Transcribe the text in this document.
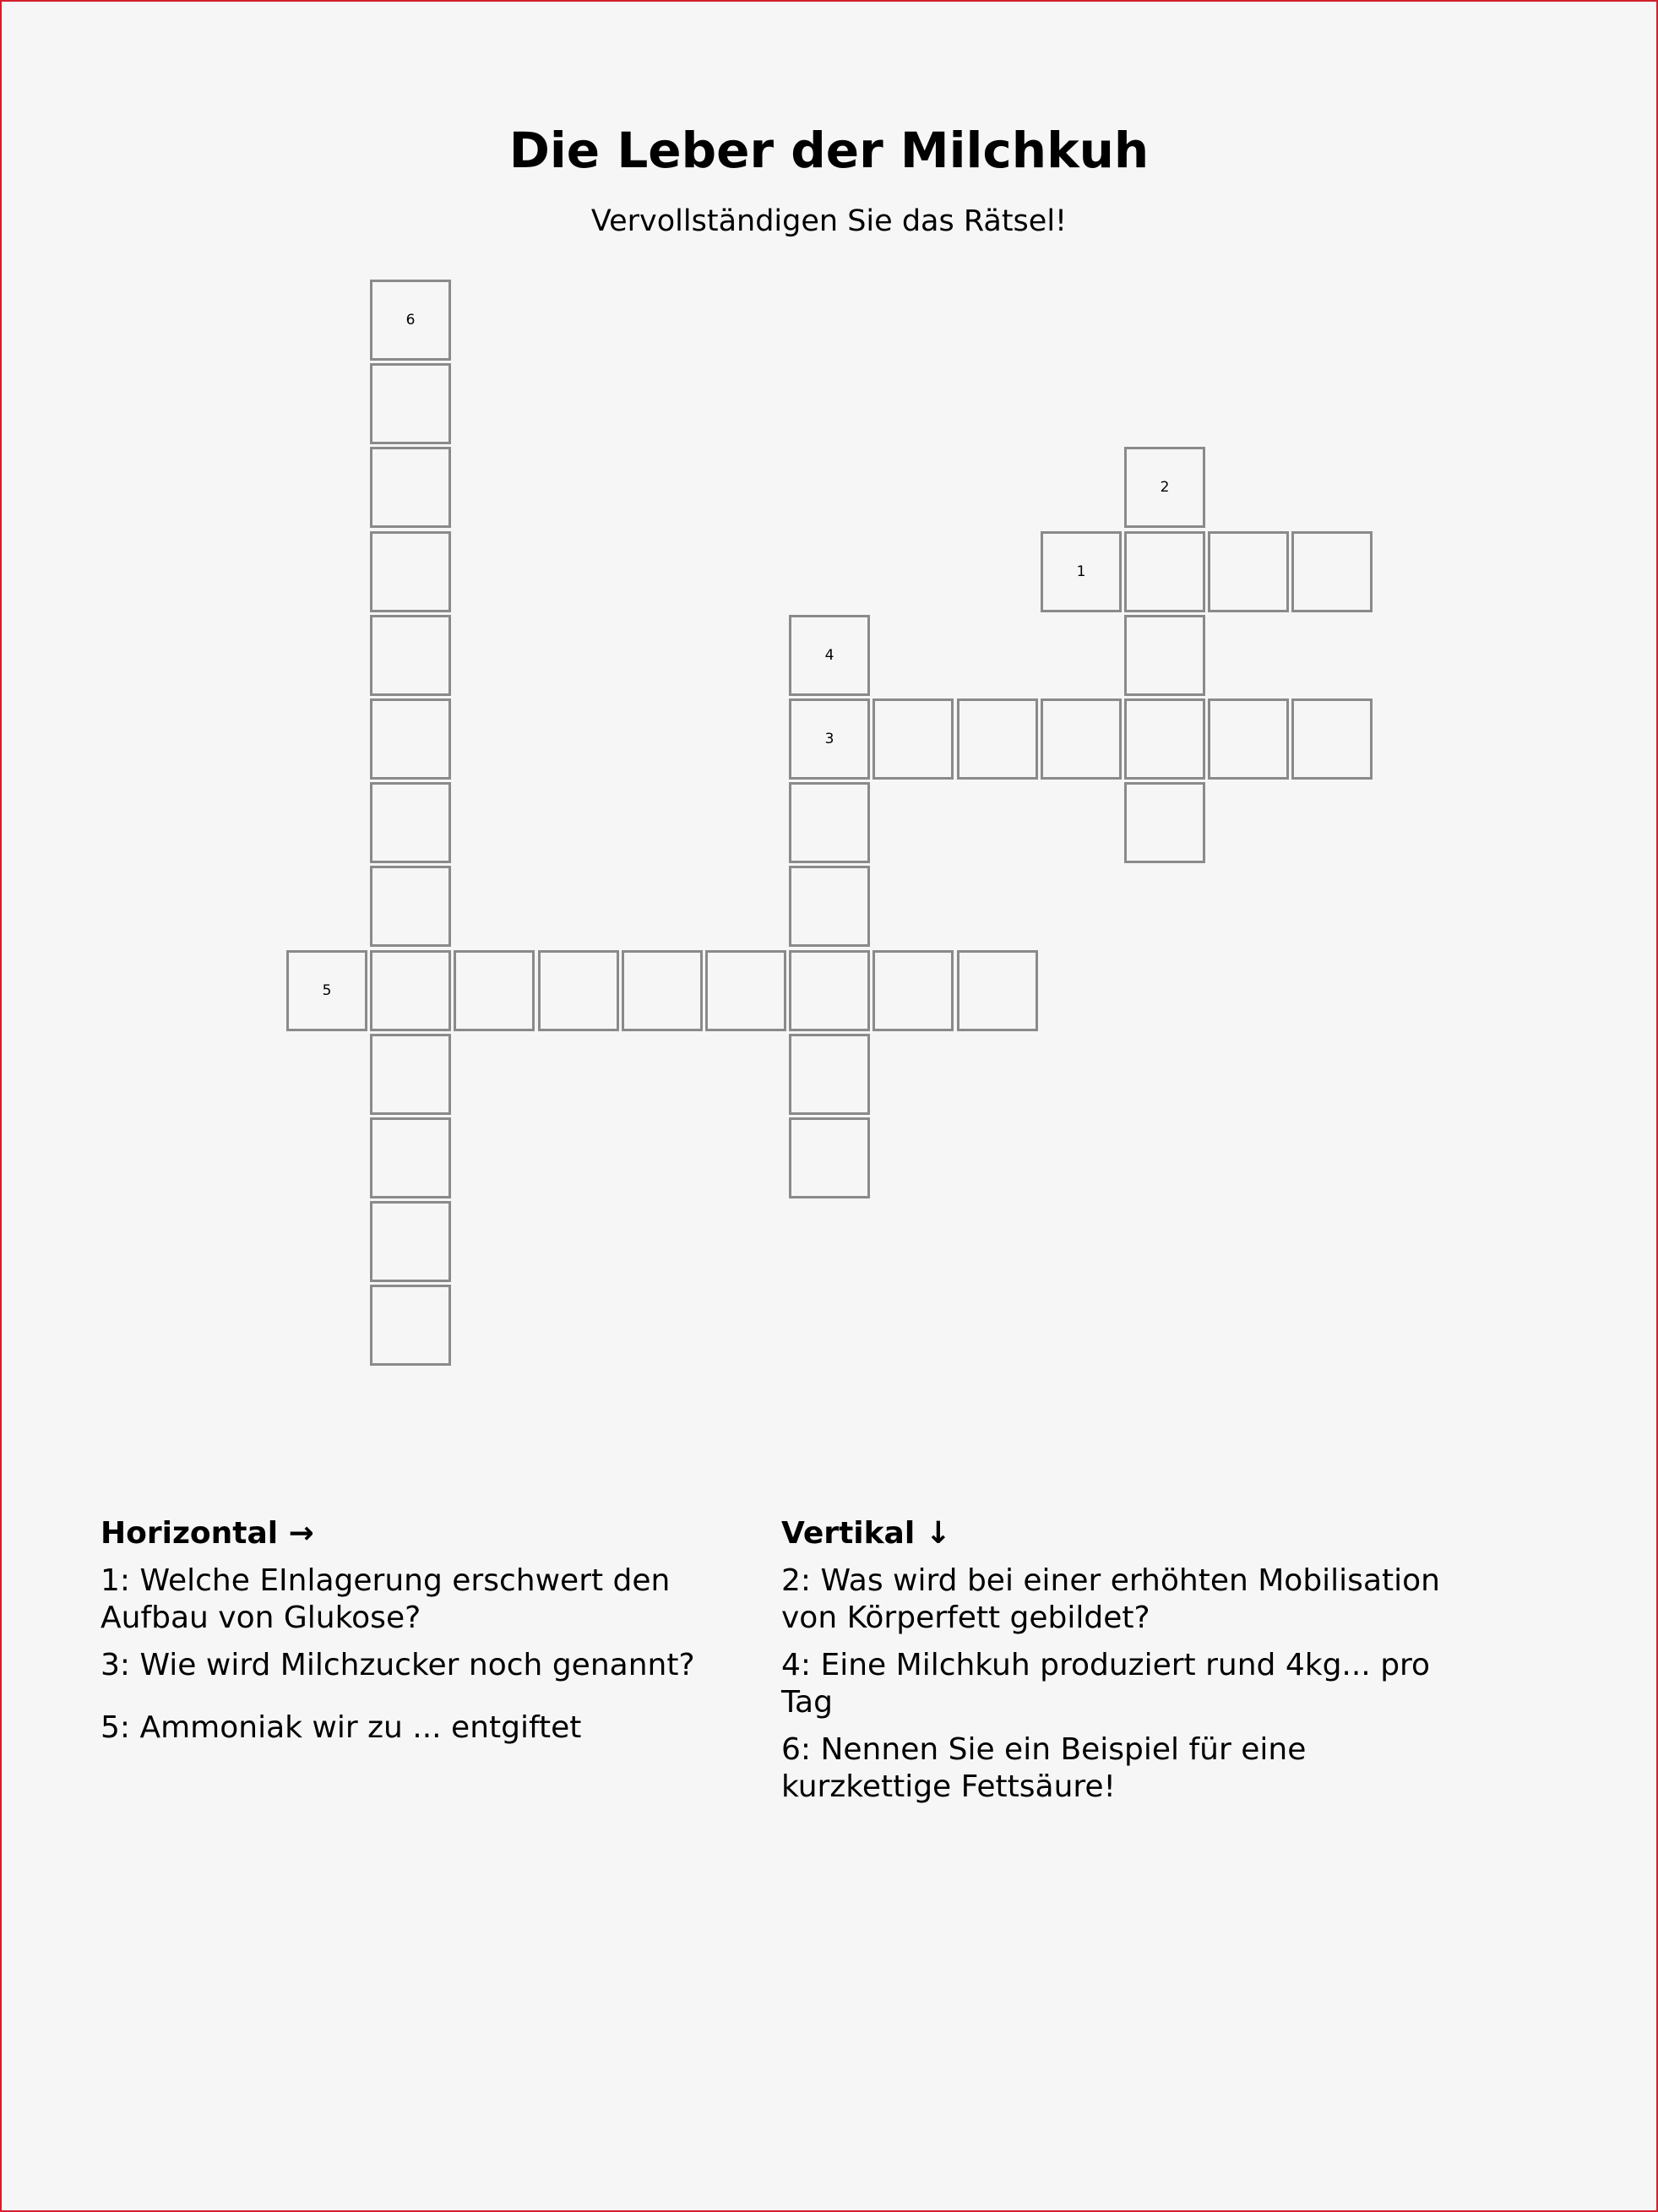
Die Leber der Milchkuh
Vervollständigen Sie das Rätsel!
6
2
1
4
3
5
Horizontal →
1: Welche EInlagerung erschwert den Aufbau von Glukose?
3: Wie wird Milchzucker noch genannt?
5: Ammoniak wir zu ... entgiftet
Vertikal ↓
2: Was wird bei einer erhöhten Mobilisation von Körperfett gebildet?
4: Eine Milchkuh produziert rund 4kg... pro Tag
6: Nennen Sie ein Beispiel für eine kurzkettige Fettsäure!
